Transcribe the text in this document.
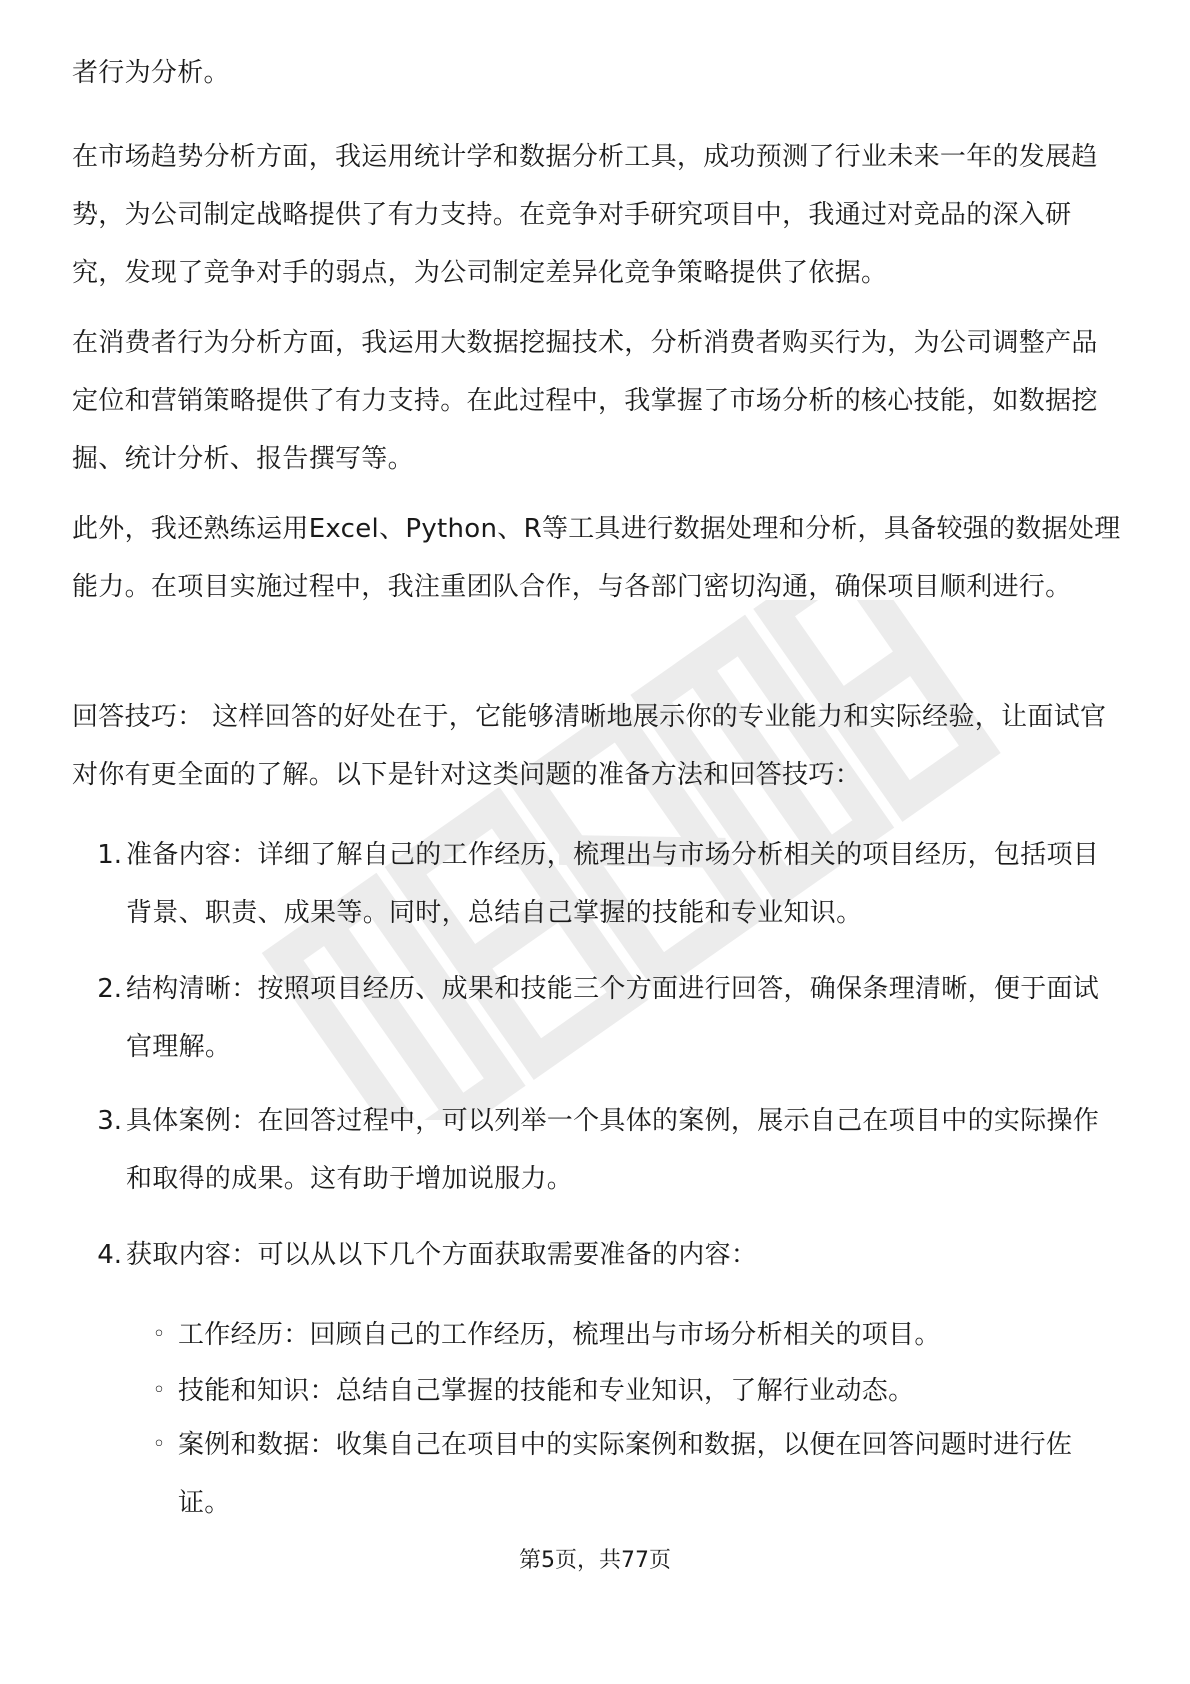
者行为分析。

在市场趋势分析方面，我运用统计学和数据分析工具，成功预测了行业未来一年的发展趋势，为公司制定战略提供了有力支持。在竞争对手研究项目中，我通过对竞品的深入研究，发现了竞争对手的弱点，为公司制定差异化竞争策略提供了依据。

在消费者行为分析方面，我运用大数据挖掘技术，分析消费者购买行为，为公司调整产品定位和营销策略提供了有力支持。在此过程中，我掌握了市场分析的核心技能，如数据挖掘、统计分析、报告撰写等。

此外，我还熟练运用Excel、Python、R等工具进行数据处理和分析，具备较强的数据处理能力。在项目实施过程中，我注重团队合作，与各部门密切沟通，确保项目顺利进行。

回答技巧： 这样回答的好处在于，它能够清晰地展示你的专业能力和实际经验，让面试官对你有更全面的了解。以下是针对这类问题的准备方法和回答技巧：

1. 准备内容：详细了解自己的工作经历，梳理出与市场分析相关的项目经历，包括项目背景、职责、成果等。同时，总结自己掌握的技能和专业知识。
2. 结构清晰：按照项目经历、成果和技能三个方面进行回答，确保条理清晰，便于面试官理解。
3. 具体案例：在回答过程中，可以列举一个具体的案例，展示自己在项目中的实际操作和取得的成果。这有助于增加说服力。
4. 获取内容：可以从以下几个方面获取需要准备的内容：
◦ 工作经历：回顾自己的工作经历，梳理出与市场分析相关的项目。
◦ 技能和知识：总结自己掌握的技能和专业知识，了解行业动态。
◦ 案例和数据：收集自己在项目中的实际案例和数据，以便在回答问题时进行佐证。
第5页，共77页
